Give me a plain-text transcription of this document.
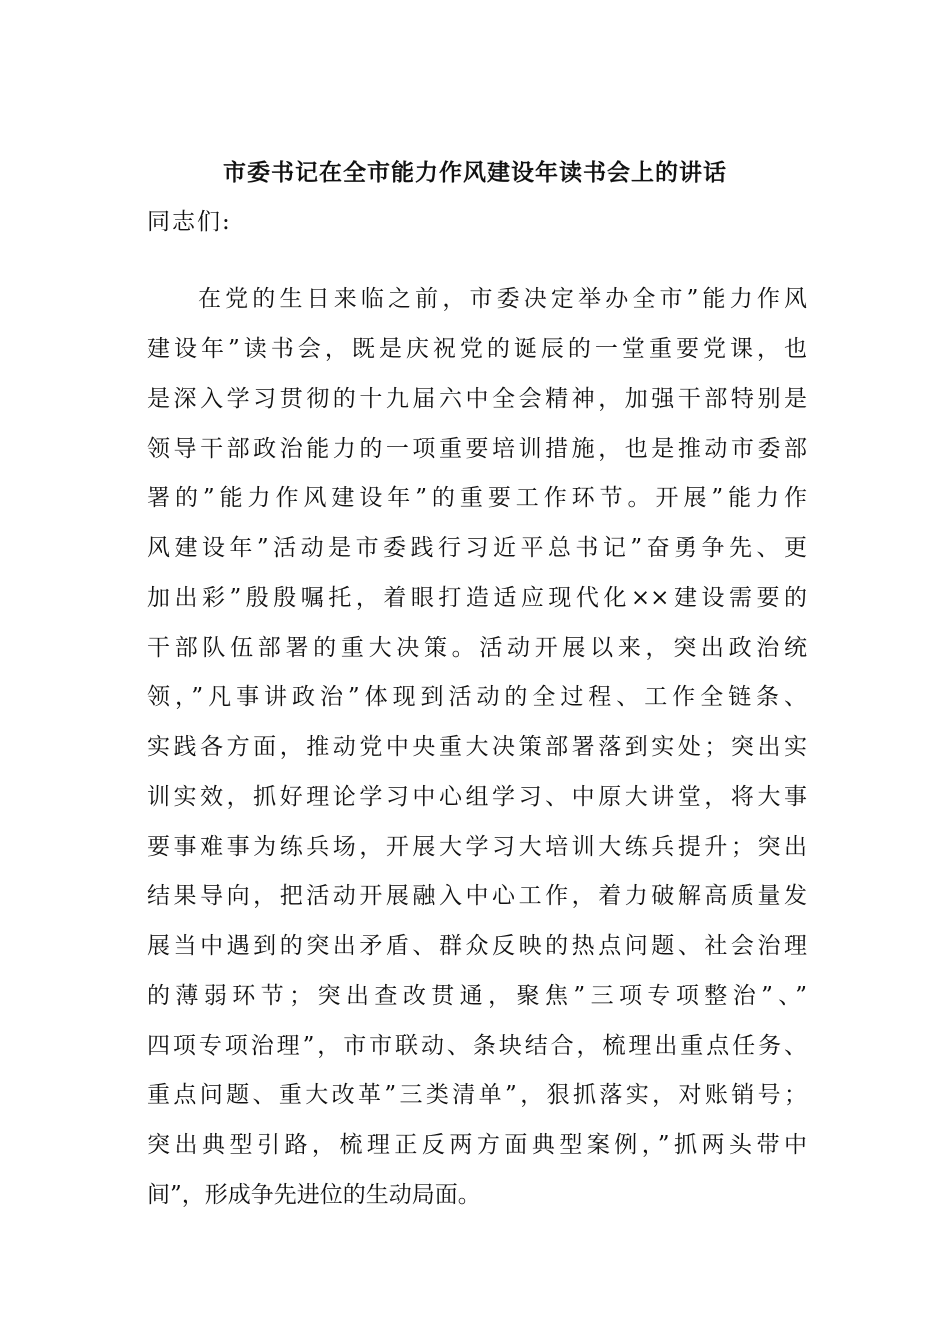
市委书记在全市能力作风建设年读书会上的讲话
同志们:
在党的生日来临之前，市委决定举办全市”能力作风
建设年”读书会，既是庆祝党的诞辰的一堂重要党课，也
是深入学习贯彻的十九届六中全会精神，加强干部特别是
领导干部政治能力的一项重要培训措施，也是推动市委部
署的”能力作风建设年”的重要工作环节。开展”能力作
风建设年”活动是市委践行习近平总书记”奋勇争先、更
加出彩”殷殷嘱托，着眼打造适应现代化××建设需要的
干部队伍部署的重大决策。活动开展以来，突出政治统
领，”凡事讲政治”体现到活动的全过程、工作全链条、
实践各方面，推动党中央重大决策部署落到实处；突出实
训实效，抓好理论学习中心组学习、中原大讲堂，将大事
要事难事为练兵场，开展大学习大培训大练兵提升；突出
结果导向，把活动开展融入中心工作，着力破解高质量发
展当中遇到的突出矛盾、群众反映的热点问题、社会治理
的薄弱环节；突出查改贯通，聚焦”三项专项整治”、”
四项专项治理”，市市联动、条块结合，梳理出重点任务、
重点问题、重大改革”三类清单”，狠抓落实，对账销号；
突出典型引路，梳理正反两方面典型案例，”抓两头带中
间”，形成争先进位的生动局面。
